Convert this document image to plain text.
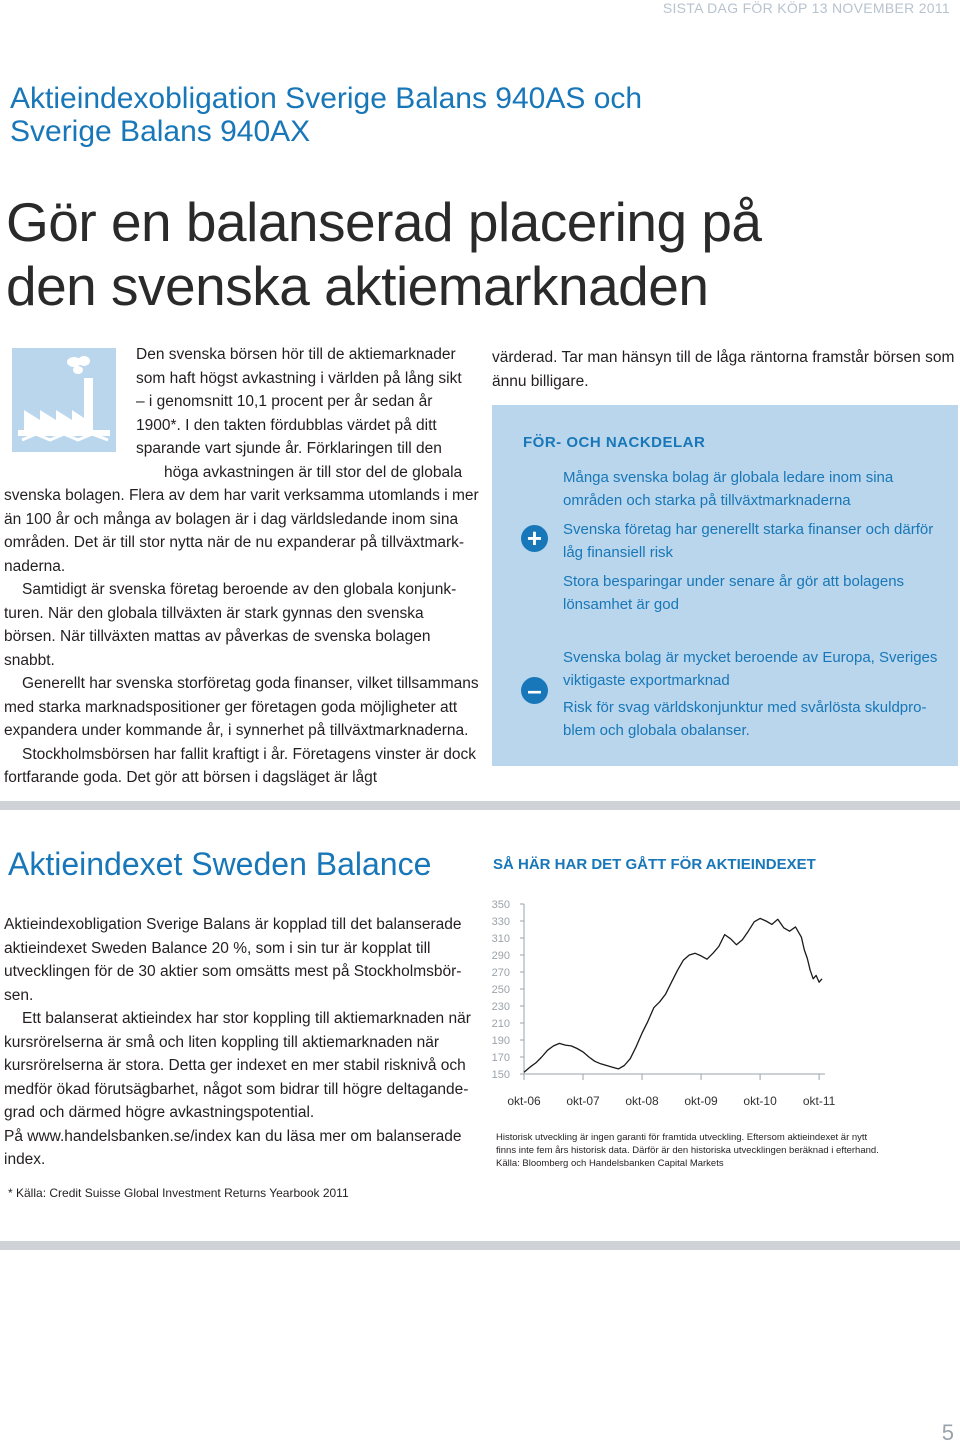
SISTA DAG FÖR KÖP 13 NOVEMBER 2011
Aktieindexobligation Sverige Balans 940AS och
Sverige Balans 940AX
Gör en balanserad placering på
den svenska aktiemarknaden
Den svenska börsen hör till de aktiemarknader
som haft högst avkastning i världen på lång sikt
– i genomsnitt 10,1 procent per år sedan år
1900*. I den takten fördubblas värdet på ditt
sparande vart sjunde år. Förklaringen till den
höga avkastningen är till stor del de globala

svenska bolagen. Flera av dem har varit verksamma utomlands i mer än 100 år och många av bolagen är i dag världsledande inom sina områden. Det är till stor nytta när de nu expanderar på tillväxtmarknaderna.

Samtidigt är svenska företag beroende av den globala konjunkturen. När den globala tillväxten är stark gynnas den svenska börsen. När tillväxten mattas av påverkas de svenska bolagen snabbt.

Generellt har svenska storföretag goda finanser, vilket tillsammans med starka marknadspositioner ger företagen goda möjligheter att expandera under kommande år, i synnerhet på tillväxtmarknaderna.

Stockholmsbörsen har fallit kraftigt i år. Företagens vinster är dock fortfarande goda. Det gör att börsen i dagsläget är lågt

värderad. Tar man hänsyn till de låga räntorna framstår börsen som ännu billigare.
FÖR- OCH NACKDELAR
+
Många svenska bolag är globala ledare inom sina områden och starka på tillväxtmarknaderna
Svenska företag har generellt starka finanser och därför låg finansiell risk
Stora besparingar under senare år gör att bolagens lönsamhet är god
–
Svenska bolag är mycket beroende av Europa, Sveriges viktigaste exportmarknad
Risk för svag världskonjunktur med svårlösta skuldproblem och globala obalanser.
Aktieindexet Sweden Balance

Aktieindexobligation Sverige Balans är kopplad till det balanserade aktieindexet Sweden Balance 20 %, som i sin tur är kopplat till utvecklingen för de 30 aktier som omsätts mest på Stockholmsbörsen.

Ett balanserat aktieindex har stor koppling till aktiemarknaden när kursrörelserna är små och liten koppling till aktiemarknaden när kursrörelserna är stora. Detta ger indexet en mer stabil risknivå och medför ökad förutsägbarhet, något som bidrar till högre deltagandegrad och därmed högre avkastningspotential.

På www.handelsbanken.se/index kan du läsa mer om balanserade index.

* Källa: Credit Suisse Global Investment Returns Yearbook 2011
SÅ HÄR HAR DET GÅTT FÖR AKTIEINDEXET
350
330
310
290
270
250
230
210
190
170
150
okt-06 okt-07 okt-08 okt-09 okt-10 okt-11
Historisk utveckling är ingen garanti för framtida utveckling. Eftersom aktieindexet är nytt
finns inte fem års historisk data. Därför är den historiska utvecklingen beräknad i efterhand.
Källa: Bloomberg och Handelsbanken Capital Markets
5
